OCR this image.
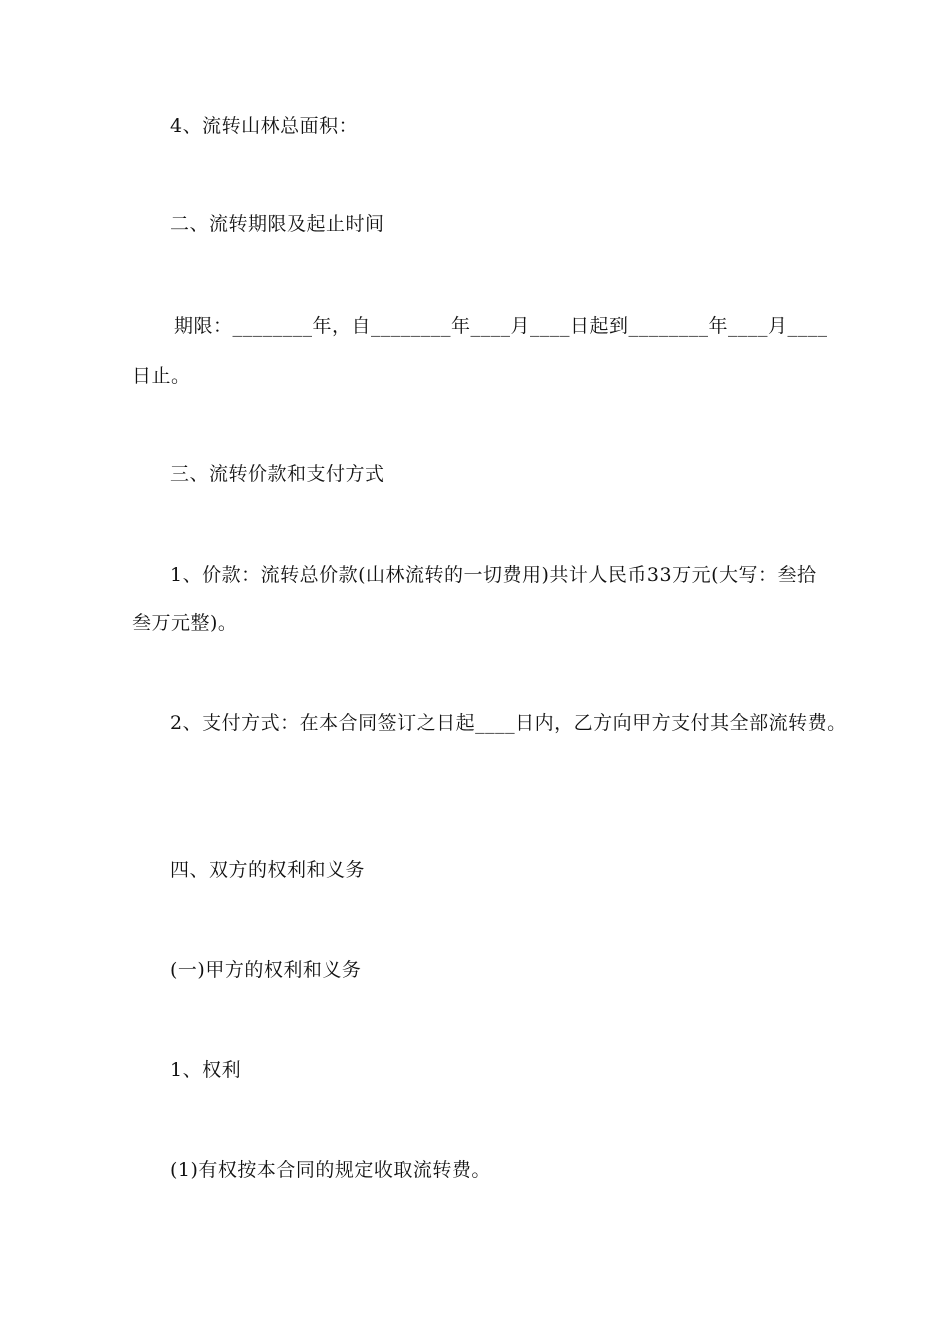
4、流转山林总面积：

二、流转期限及起止时间

期限：________年，自________年____月____日起到________年____月____

日止。

三、流转价款和支付方式

1、价款：流转总价款(山林流转的一切费用)共计人民币33万元(大写：叁拾

叁万元整)。

2、支付方式：在本合同签订之日起____日内，乙方向甲方支付其全部流转费。

四、双方的权利和义务

(一)甲方的权利和义务

1、权利

(1)有权按本合同的规定收取流转费。
